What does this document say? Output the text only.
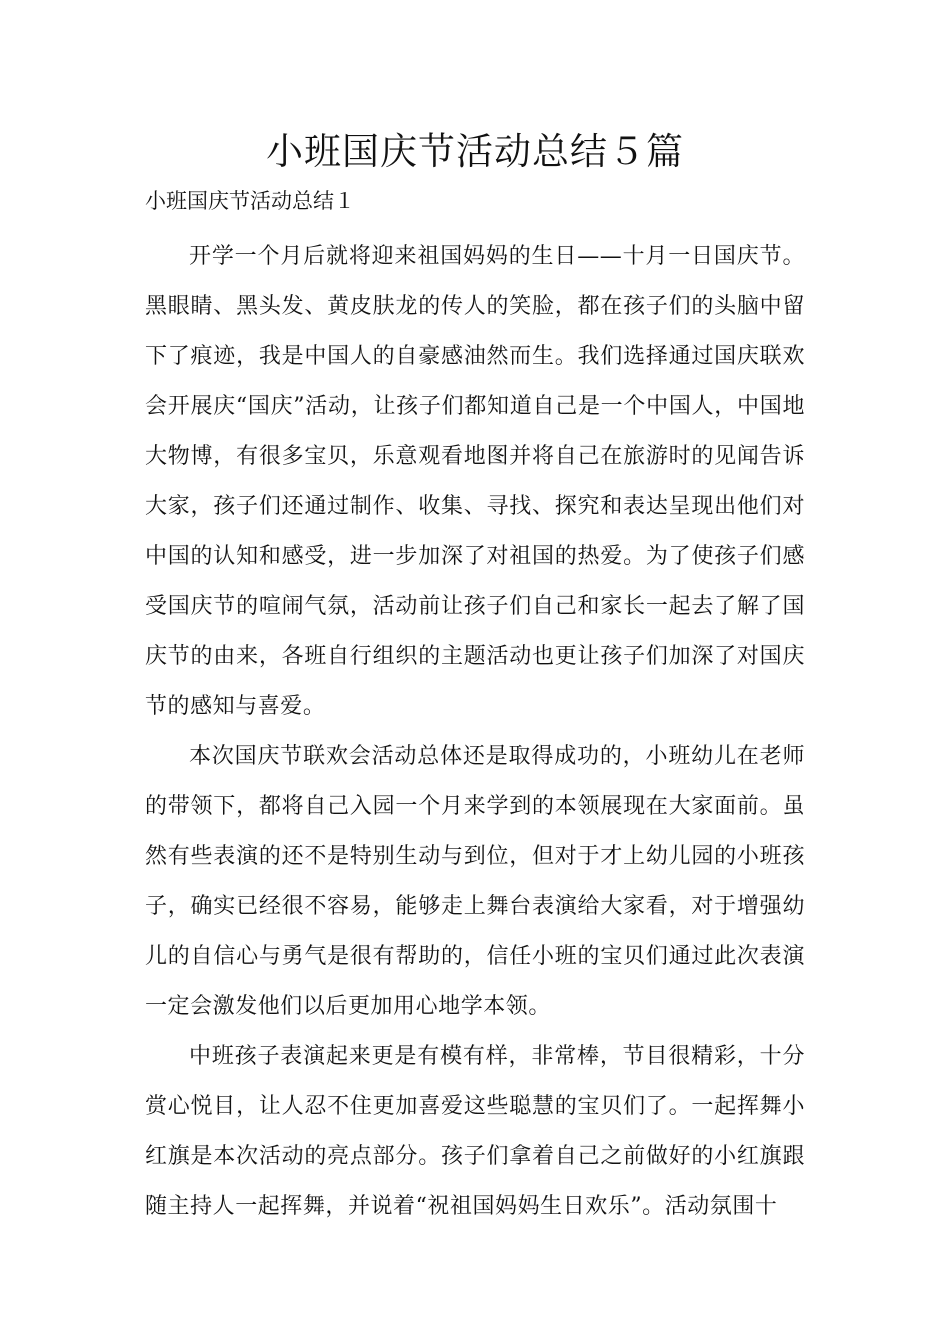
小班国庆节活动总结５篇
小班国庆节活动总结１

开学一个月后就将迎来祖国妈妈的生日——十月一日国庆节。黑眼睛、黑头发、黄皮肤龙的传人的笑脸，都在孩子们的头脑中留下了痕迹，我是中国人的自豪感油然而生。我们选择通过国庆联欢会开展庆“国庆”活动，让孩子们都知道自己是一个中国人，中国地大物博，有很多宝贝，乐意观看地图并将自己在旅游时的见闻告诉大家，孩子们还通过制作、收集、寻找、探究和表达呈现出他们对中国的认知和感受，进一步加深了对祖国的热爱。为了使孩子们感受国庆节的喧闹气氛，活动前让孩子们自己和家长一起去了解了国庆节的由来，各班自行组织的主题活动也更让孩子们加深了对国庆节的感知与喜爱。

本次国庆节联欢会活动总体还是取得成功的，小班幼儿在老师的带领下，都将自己入园一个月来学到的本领展现在大家面前。虽然有些表演的还不是特别生动与到位，但对于才上幼儿园的小班孩子，确实已经很不容易，能够走上舞台表演给大家看，对于增强幼儿的自信心与勇气是很有帮助的，信任小班的宝贝们通过此次表演一定会激发他们以后更加用心地学本领。

中班孩子表演起来更是有模有样，非常棒，节目很精彩，十分赏心悦目，让人忍不住更加喜爱这些聪慧的宝贝们了。一起挥舞小红旗是本次活动的亮点部分。孩子们拿着自己之前做好的小红旗跟随主持人一起挥舞，并说着“祝祖国妈妈生日欢乐”。活动氛围十
